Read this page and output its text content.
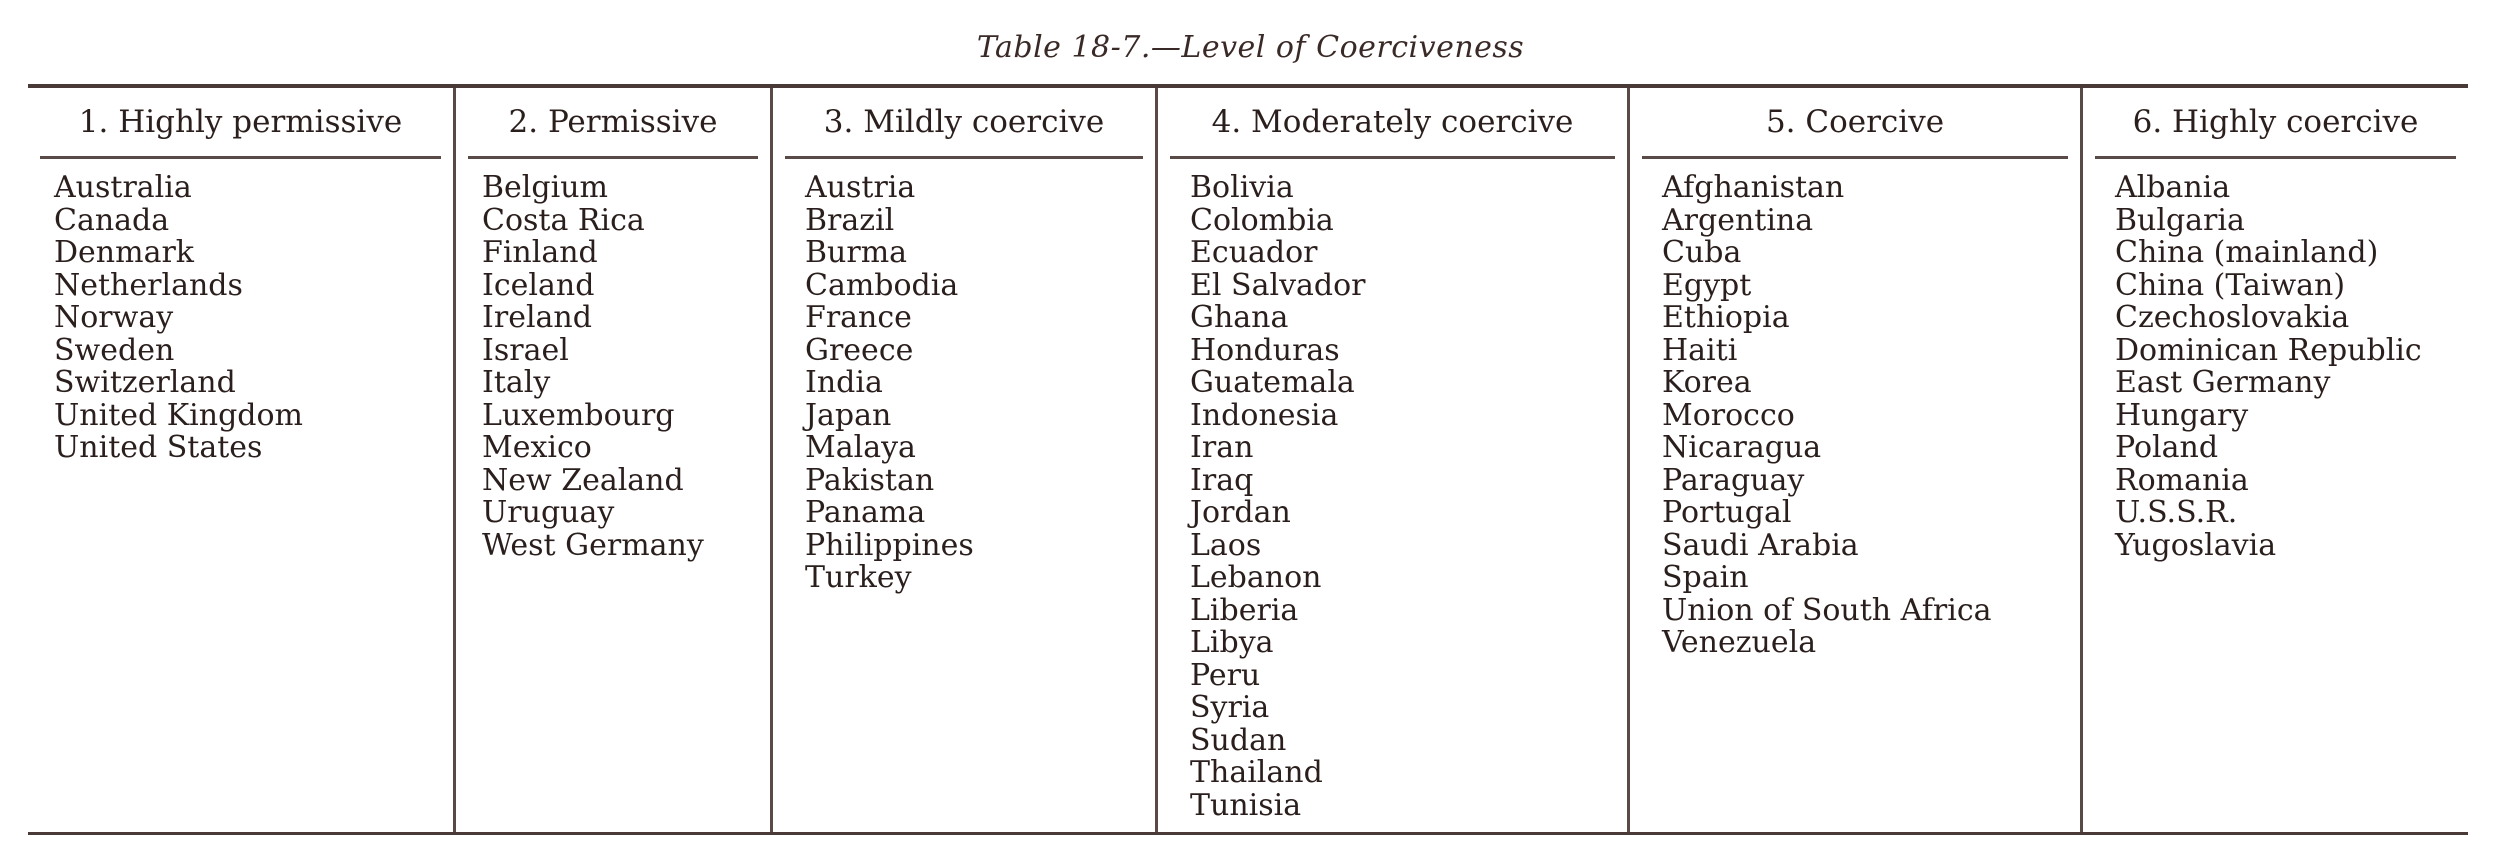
Table 18-7.—Level of Coerciveness
1. Highly permissive
Australia
Canada
Denmark
Netherlands
Norway
Sweden
Switzerland
United Kingdom
United States
2. Permissive
Belgium
Costa Rica
Finland
Iceland
Ireland
Israel
Italy
Luxembourg
Mexico
New Zealand
Uruguay
West Germany
3. Mildly coercive
Austria
Brazil
Burma
Cambodia
France
Greece
India
Japan
Malaya
Pakistan
Panama
Philippines
Turkey
4. Moderately coercive
Bolivia
Colombia
Ecuador
El Salvador
Ghana
Honduras
Guatemala
Indonesia
Iran
Iraq
Jordan
Laos
Lebanon
Liberia
Libya
Peru
Syria
Sudan
Thailand
Tunisia
5. Coercive
Afghanistan
Argentina
Cuba
Egypt
Ethiopia
Haiti
Korea
Morocco
Nicaragua
Paraguay
Portugal
Saudi Arabia
Spain
Union of South Africa
Venezuela
6. Highly coercive
Albania
Bulgaria
China (mainland)
China (Taiwan)
Czechoslovakia
Dominican Republic
East Germany
Hungary
Poland
Romania
U.S.S.R.
Yugoslavia
